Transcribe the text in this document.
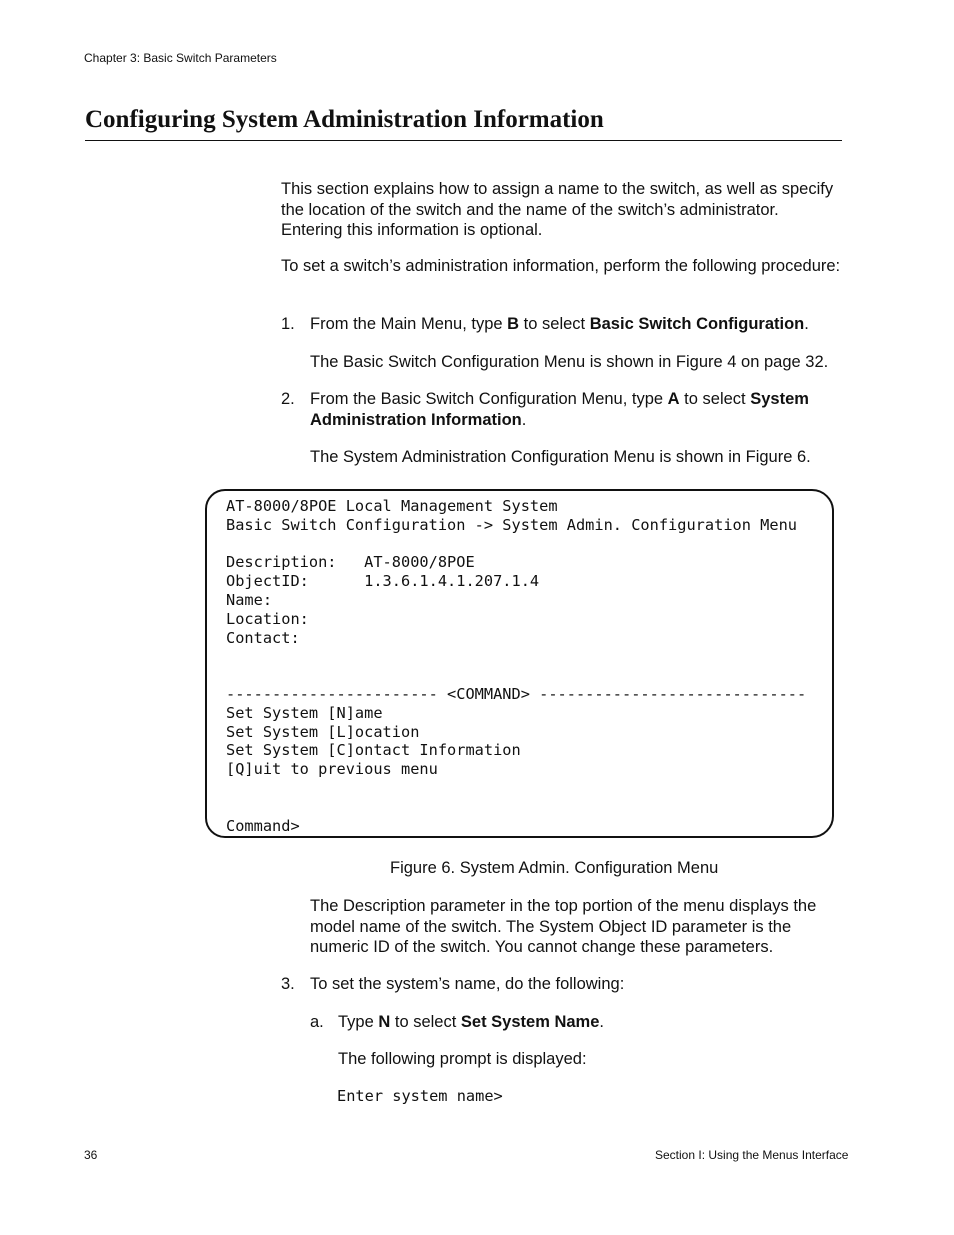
Chapter 3: Basic Switch Parameters
Configuring System Administration Information
This section explains how to assign a name to the switch, as well as specify the location of the switch and the name of the switch’s administrator. Entering this information is optional.
To set a switch’s administration information, perform the following procedure:
1. From the Main Menu, type B to select Basic Switch Configuration.
The Basic Switch Configuration Menu is shown in Figure 4 on page 32.
2. From the Basic Switch Configuration Menu, type A to select System Administration Information.
The System Administration Configuration Menu is shown in Figure 6.
AT-8000/8POE Local Management System
Basic Switch Configuration -> System Admin. Configuration Menu

Description:   AT-8000/8POE
ObjectID:      1.3.6.1.4.1.207.1.4
Name:
Location:
Contact:

----------------------- <COMMAND> -----------------------------
Set System [N]ame
Set System [L]ocation
Set System [C]ontact Information
[Q]uit to previous menu

Command>
Figure 6. System Admin. Configuration Menu
The Description parameter in the top portion of the menu displays the model name of the switch. The System Object ID parameter is the numeric ID of the switch. You cannot change these parameters.
3. To set the system’s name, do the following:
a. Type N to select Set System Name.
The following prompt is displayed:
Enter system name>
36	Section I: Using the Menus Interface
